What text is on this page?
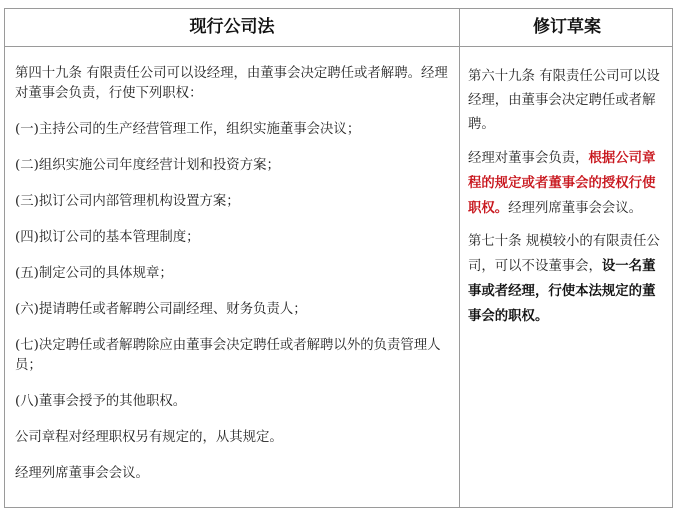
现行公司法	修订草案

第四十九条 有限责任公司可以设经理，由董事会决定聘任或者解聘。经理对董事会负责，行使下列职权：

(一)主持公司的生产经营管理工作，组织实施董事会决议；

(二)组织实施公司年度经营计划和投资方案；

(三)拟订公司内部管理机构设置方案；

(四)拟订公司的基本管理制度；

(五)制定公司的具体规章；

(六)提请聘任或者解聘公司副经理、财务负责人；

(七)决定聘任或者解聘除应由董事会决定聘任或者解聘以外的负责管理人员；

(八)董事会授予的其他职权。

公司章程对经理职权另有规定的，从其规定。

经理列席董事会会议。

第六十九条 有限责任公司可以设经理，由董事会决定聘任或者解聘。

经理对董事会负责，根据公司章程的规定或者董事会的授权行使职权。经理列席董事会会议。

第七十条 规模较小的有限责任公司，可以不设董事会，设一名董事或者经理，行使本法规定的董事会的职权。
